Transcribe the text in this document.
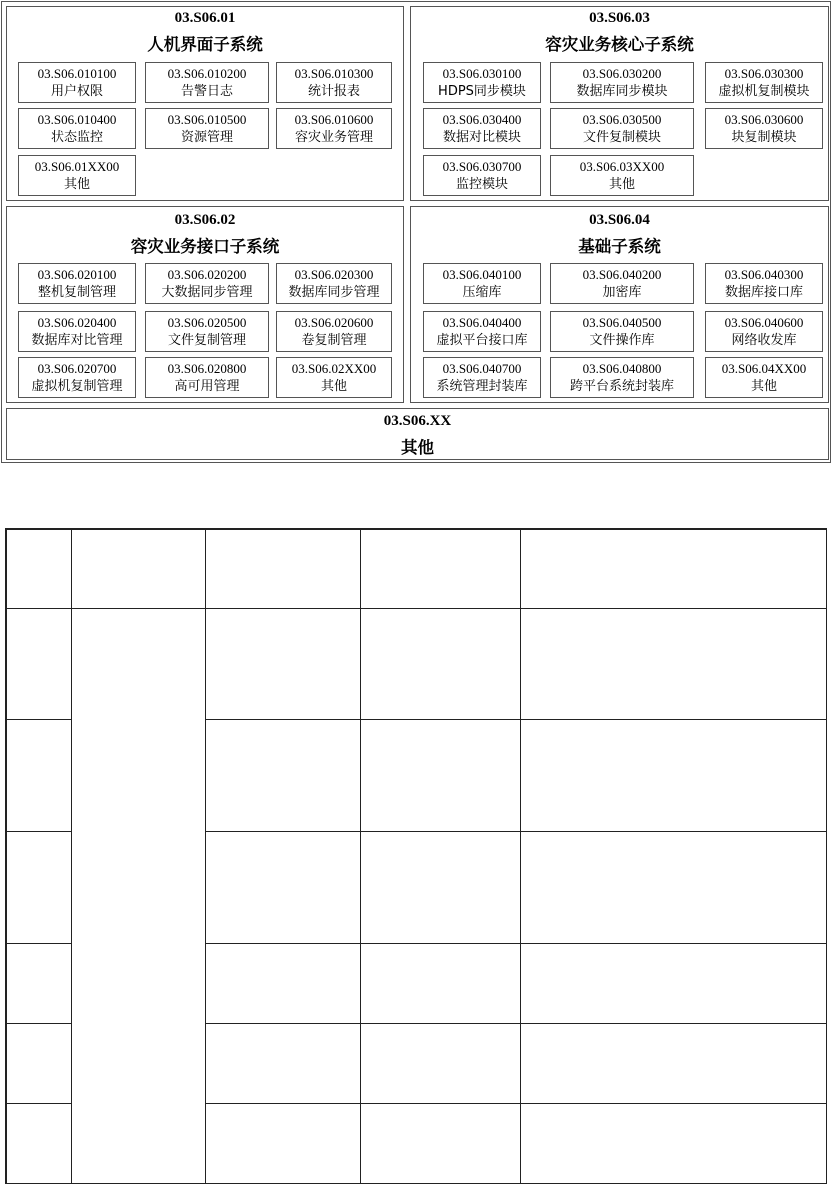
03.S06.01
人机界面子系统
03.S06.010100
用户权限
03.S06.010200
告警日志
03.S06.010300
统计报表
03.S06.010400
状态监控
03.S06.010500
资源管理
03.S06.010600
容灾业务管理
03.S06.01XX00
其他
03.S06.03
容灾业务核心子系统
03.S06.030100
HDPS同步模块
03.S06.030200
数据库同步模块
03.S06.030300
虚拟机复制模块
03.S06.030400
数据对比模块
03.S06.030500
文件复制模块
03.S06.030600
块复制模块
03.S06.030700
监控模块
03.S06.03XX00
其他
03.S06.02
容灾业务接口子系统
03.S06.020100
整机复制管理
03.S06.020200
大数据同步管理
03.S06.020300
数据库同步管理
03.S06.020400
数据库对比管理
03.S06.020500
文件复制管理
03.S06.020600
卷复制管理
03.S06.020700
虚拟机复制管理
03.S06.020800
高可用管理
03.S06.02XX00
其他
03.S06.04
基础子系统
03.S06.040100
压缩库
03.S06.040200
加密库
03.S06.040300
数据库接口库
03.S06.040400
虚拟平台接口库
03.S06.040500
文件操作库
03.S06.040600
网络收发库
03.S06.040700
系统管理封装库
03.S06.040800
跨平台系统封装库
03.S06.04XX00
其他
03.S06.XX
其他
